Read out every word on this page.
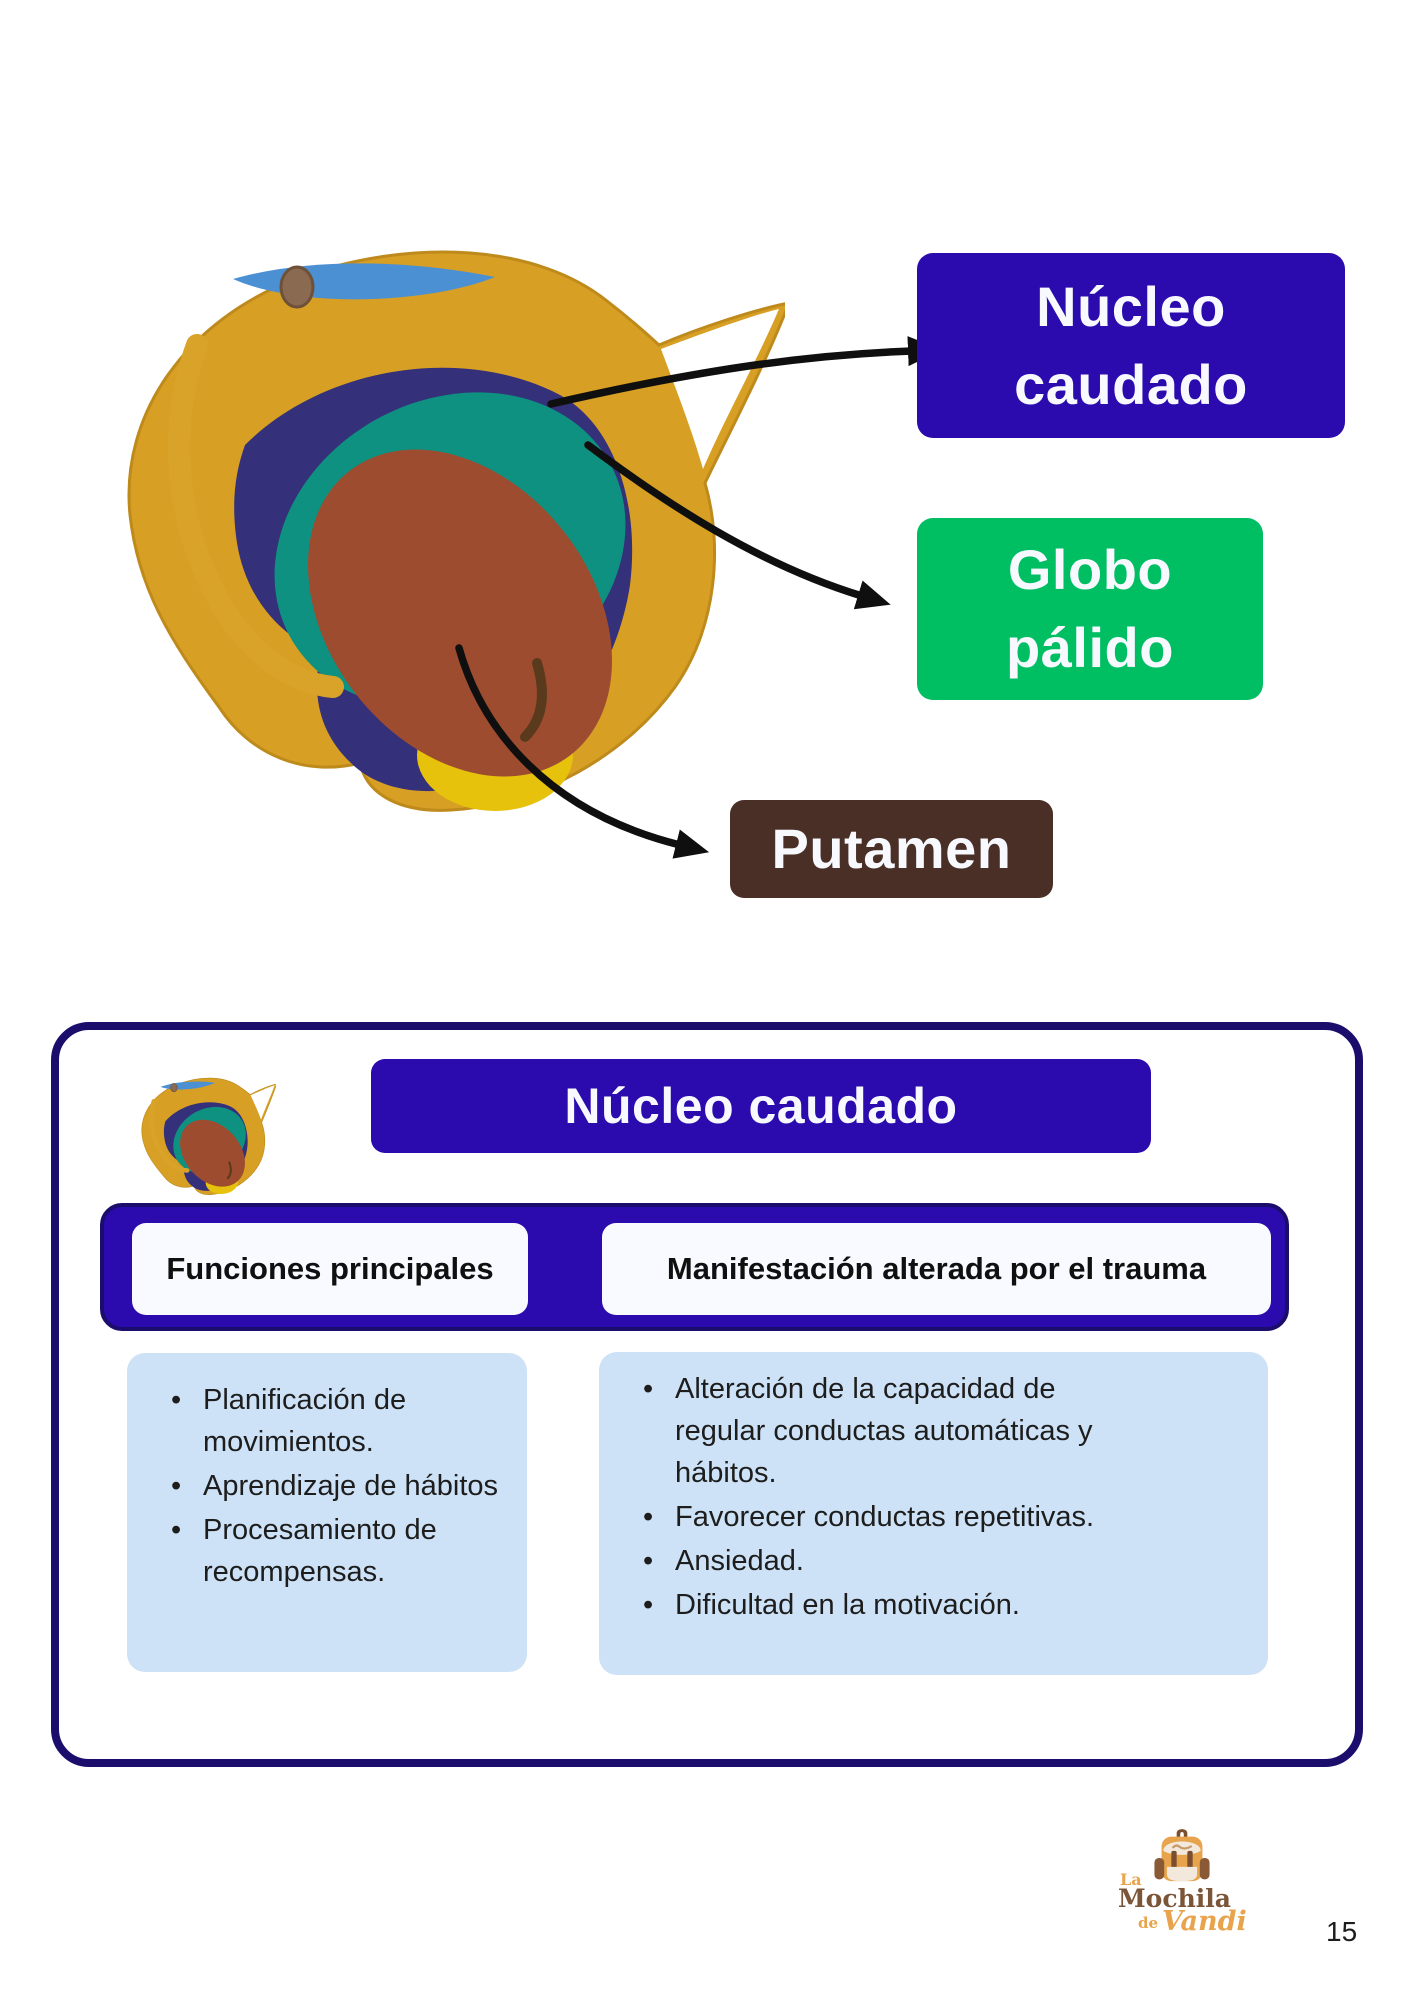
Núcleo
caudado
Globo
pálido
Putamen
Núcleo caudado
Funciones principales	Manifestación alterada por el trauma
• Planificación de movimientos.
• Aprendizaje de hábitos
• Procesamiento de recompensas.
• Alteración de la capacidad de regular conductas automáticas y hábitos.
• Favorecer conductas repetitivas.
• Ansiedad.
• Dificultad en la motivación.
La
Mochila
de Vandi	15
